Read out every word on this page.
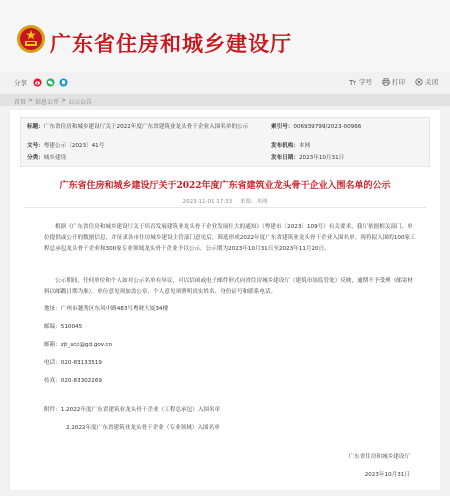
广东省住房和城乡建设厅
分享	T T 字号	打印	关闭
首页 > 信息公开 > 公示公告
标题： 广东省住房和城乡建设厅关于2022年度广东省建筑业龙头骨干企业入围名单的公示	索引号： 006939799/2023-00966
文号： 粤建公示〔2023〕41号	发布机构： 本网
分类： 城乡建设	发布日期： 2023年10月31日
广东省住房和城乡建设厅关于2022年度广东省建筑业龙头骨干企业入围名单的公示
2023-11-01 17:33 来源：本网
根据《广东省住房和城乡建设厅关于培育发展建筑业龙头骨干企业发展壮大的通知》（粤建市〔2023〕109号）有关要求，我厅依据相关部门、单位提供或公开的数据信息，并征求各市住房城乡建设主管部门意见后，筛选形成2022年度广东省建筑业龙头骨干企业入围名单。现将拟入围的100家工程总承包龙头骨干企业和300家专业领域龙头骨干企业予以公示。公示期为2023年10月31日至2023年11月20日。
公示期间，任何单位和个人如对公示名单有异议，可以信函或电子邮件形式向省住房城乡建设厅（建筑市场监管处）反映，逾期不予受理（邮寄材料以邮戳日期为准）。单位意见须加盖公章，个人意见须署明真实姓名、身份证号和联系电话。
地址：广州市越秀区东风中路483号粤财大厦34楼
邮编：510045
邮箱：zjt_scc@gd.gov.cn
电话：020-83133519
传真：020-83302269
附件：1.2022年度广东省建筑业龙头骨干企业（工程总承包）入围名单
2.2022年度广东省建筑业龙头骨干企业（专业领域）入围名单
广东省住房和城乡建设厅
2023年10月31日
